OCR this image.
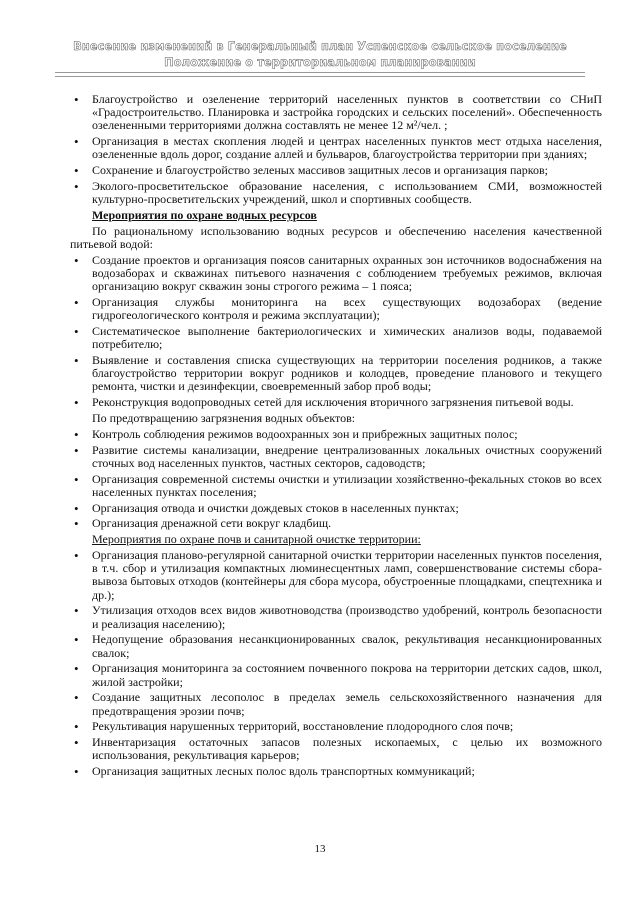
Внесение изменений в Генеральный план Успенское сельское поселение
Положение о территориальном планировании
• Благоустройство и озеленение территорий населенных пунктов в соответствии со СНиП «Градостроительство. Планировка и застройка городских и сельских поселений». Обеспеченность озелененными территориями должна составлять не менее 12 м²/чел. ;
• Организация в местах скопления людей и центрах населенных пунктов мест отдыха населения, озелененные вдоль дорог, создание аллей и бульваров, благоустройства территории при зданиях;
• Сохранение и благоустройство зеленых массивов защитных лесов и организация парков;
• Эколого-просветительское образование населения, с использованием СМИ, возможностей культурно-просветительских учреждений, школ и спортивных сообществ.
Мероприятия по охране водных ресурсов
По рациональному использованию водных ресурсов и обеспечению населения качественной питьевой водой:
• Создание проектов и организация поясов санитарных охранных зон источников водоснабжения на водозаборах и скважинах питьевого назначения с соблюдением требуемых режимов, включая организацию вокруг скважин зоны строгого режима – 1 пояса;
• Организация службы мониторинга на всех существующих водозаборах (ведение гидрогеологического контроля и режима эксплуатации);
• Систематическое выполнение бактериологических и химических анализов воды, подаваемой потребителю;
• Выявление и составления списка существующих на территории поселения родников, а также благоустройство территории вокруг родников и колодцев, проведение планового и текущего ремонта, чистки и дезинфекции, своевременный забор проб воды;
• Реконструкция водопроводных сетей для исключения вторичного загрязнения питьевой воды.
По предотвращению загрязнения водных объектов:
• Контроль соблюдения режимов водоохранных зон и прибрежных защитных полос;
• Развитие системы канализации, внедрение централизованных локальных очистных сооружений сточных вод населенных пунктов, частных секторов, садоводств;
• Организация современной системы очистки и утилизации хозяйственно-фекальных стоков во всех населенных пунктах поселения;
• Организация отвода и очистки дождевых стоков в населенных пунктах;
• Организация дренажной сети вокруг кладбищ.
Мероприятия по охране почв и санитарной очистке территории:
• Организация планово-регулярной санитарной очистки территории населенных пунктов поселения, в т.ч. сбор и утилизация компактных люминесцентных ламп, совершенствование системы сбора-вывоза бытовых отходов (контейнеры для сбора мусора, обустроенные площадками, спецтехника и др.);
• Утилизация отходов всех видов животноводства (производство удобрений, контроль безопасности и реализация населению);
• Недопущение образования несанкционированных свалок, рекультивация несанкционированных свалок;
• Организация мониторинга за состоянием почвенного покрова на территории детских садов, школ, жилой застройки;
• Создание защитных лесополос в пределах земель сельскохозяйственного назначения для предотвращения эрозии почв;
• Рекультивация нарушенных территорий, восстановление плодородного слоя почв;
• Инвентаризация остаточных запасов полезных ископаемых, с целью их возможного использования, рекультивация карьеров;
• Организация защитных лесных полос вдоль транспортных коммуникаций;
13
